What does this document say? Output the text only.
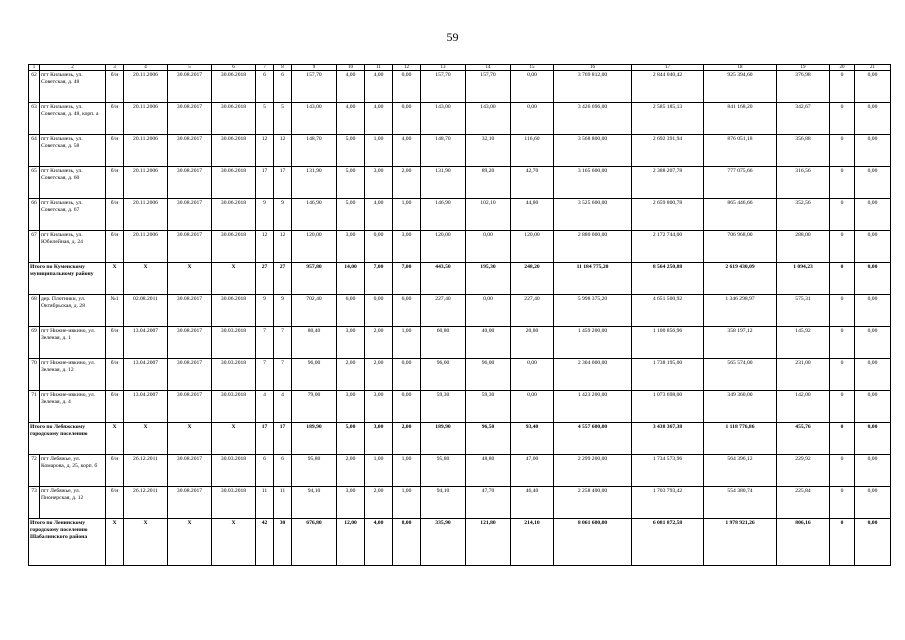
59
1	2	3	4	5	6	7	8	9	10	11	12	13	14	15	16	17	18	19	20	21
62	пгт Кильмезь, ул. Советская, д. 48	б/н	20.11.2006	30.08.2017	30.06.2018	6	6	157,70	4,00	4,00	0,00	157,70	157,70	0,00	3 769 812,00	2 844 040,42	925 394,60	376,98	0	0,00
63	пгт Кильмезь, ул. Советская, д. 48, корп. а	б/н	20.11.2006	30.08.2017	30.06.2018	5	5	143,00	4,00	4,00	0,00	143,00	143,00	0,00	3 426 696,00	2 585 185,13	841 168,20	342,67	0	0,00
64	пгт Кильмезь, ул. Советская, д. 58	б/н	20.11.2006	30.08.2017	30.06.2018	12	12	148,70	5,00	1,00	4,00	148,70	32,10	116,60	3 568 800,00	2 692 391,94	876 051,18	356,88	0	0,00
65	пгт Кильмезь, ул. Советская, д. 60	б/н	20.11.2006	30.08.2017	30.06.2018	17	17	131,90	5,00	3,00	2,00	131,90	89,20	42,70	3 165 600,00	2 388 207,78	777 075,66	316,56	0	0,00
66	пгт Кильмезь, ул. Советская, д. 67	б/н	20.11.2006	30.08.2017	30.06.2018	9	9	146,90	5,00	4,00	1,00	146,90	102,10	44,80	3 525 600,00	2 659 800,78	865 446,66	352,56	0	0,00
67	пгт Кильмезь, ул. Юбилейная, д. 24	б/н	20.11.2006	30.08.2017	30.06.2018	12	12	120,00	3,00	0,00	3,00	120,00	0,00	120,00	2 880 000,00	2 172 744,00	706 968,00	288,00	0	0,00
Итого по Куменскому муниципальному району		X	X	X	X	27	27	957,80	14,00	7,00	7,00	443,50	195,30	248,20	11 184 775,20	8 564 250,88	2 619 430,09	1 094,23	0	0,00
68	дер. Плотники, ул. Октябрьская, д. 28	№1	02.08.2011	30.08.2017	30.06.2018	9	9	702,40	6,00	0,00	6,00	227,40	0,00	227,40	5 998 375,20	4 651 500,92	1 346 298,97	575,31	0	0,00
69	пгт Нижне-ивкино, ул. Зеленая, д. 1	б/н	13.04.2007	30.08.2017	30.03.2018	7	7	80,40	3,00	2,00	1,00	60,80	40,00	20,80	1 459 200,00	1 100 856,96	358 197,12	145,92	0	0,00
70	пгт Нижне-ивкино, ул. Зеленая, д. 12	б/н	13.04.2007	30.08.2017	30.03.2018	7	7	96,00	2,00	2,00	0,00	96,00	96,00	0,00	2 304 000,00	1 738 195,00	565 574,00	231,00	0	0,00
71	пгт Нижне-ивкино, ул. Зеленая, д. 4	б/н	13.04.2007	30.08.2017	30.03.2018	4	4	79,00	3,00	3,00	0,00	59,30	59,30	0,00	1 423 200,00	1 073 698,00	349 360,00	142,00	0	0,00
Итого по Лебяжскому городскому поселению		X	X	X	X	17	17	189,90	5,00	3,00	2,00	189,90	96,50	93,40	4 557 600,00	3 438 367,38	1 118 776,86	455,76	0	0,00
72	пгт Лебяжье, ул. Комарова, д. 25, корп. б	б/н	26.12.2011	30.08.2017	30.03.2018	6	6	95,80	2,00	1,00	1,00	95,80	48,80	47,00	2 299 200,00	1 734 573,96	564 396,12	229,92	0	0,00
73	пгт Лебяжье, ул. Пионерская, д. 12	б/н	26.12.2011	30.08.2017	30.03.2018	11	11	94,10	3,00	2,00	1,00	94,10	47,70	46,40	2 258 400,00	1 703 793,42	554 380,74	225,84	0	0,00
Итого по Ленинскому городскому поселению Шабалинского района		X	X	X	X	42	30	676,80	12,00	4,00	8,00	335,90	121,80	214,10	8 061 600,00	6 081 872,58	1 978 921,26	806,16	0	0,00
